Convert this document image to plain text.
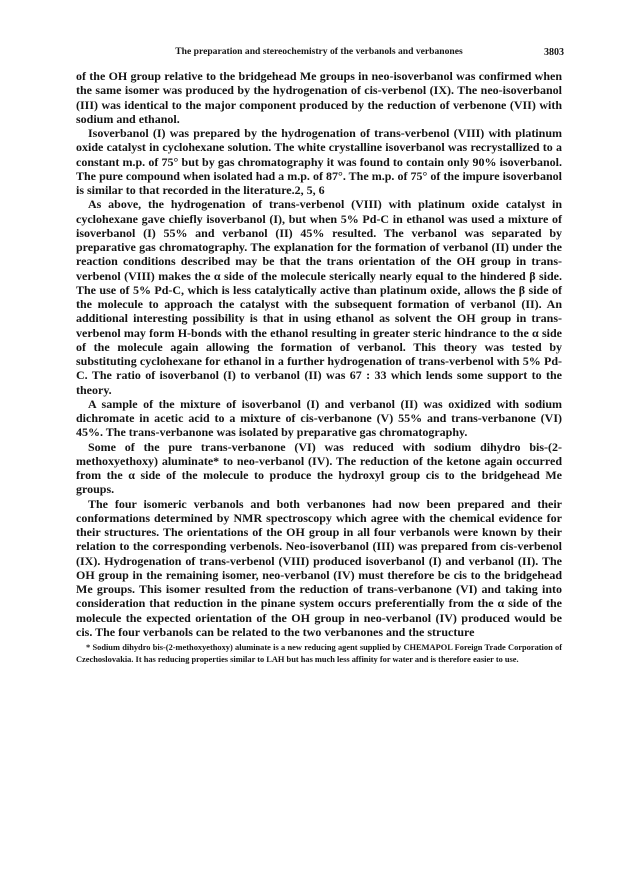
The preparation and stereochemistry of the verbanols and verbanones	3803

of the OH group relative to the bridgehead Me groups in neo-isoverbanol was confirmed when the same isomer was produced by the hydrogenation of cis-verbenol (IX). The neo-isoverbanol (III) was identical to the major component produced by the reduction of verbenone (VII) with sodium and ethanol.

Isoverbanol (I) was prepared by the hydrogenation of trans-verbenol (VIII) with platinum oxide catalyst in cyclohexane solution. The white crystalline isoverbanol was recrystallized to a constant m.p. of 75° but by gas chromatography it was found to contain only 90% isoverbanol. The pure compound when isolated had a m.p. of 87°. The m.p. of 75° of the impure isoverbanol is similar to that recorded in the literature.2, 5, 6

As above, the hydrogenation of trans-verbenol (VIII) with platinum oxide catalyst in cyclohexane gave chiefly isoverbanol (I), but when 5% Pd-C in ethanol was used a mixture of isoverbanol (I) 55% and verbanol (II) 45% resulted. The verbanol was separated by preparative gas chromatography. The explanation for the formation of verbanol (II) under the reaction conditions described may be that the trans orientation of the OH group in trans-verbenol (VIII) makes the α side of the molecule sterically nearly equal to the hindered β side. The use of 5% Pd-C, which is less catalytically active than platinum oxide, allows the β side of the molecule to approach the catalyst with the subsequent formation of verbanol (II). An additional interesting possibility is that in using ethanol as solvent the OH group in trans-verbenol may form H-bonds with the ethanol resulting in greater steric hindrance to the α side of the molecule again allowing the formation of verbanol. This theory was tested by substituting cyclohexane for ethanol in a further hydrogenation of trans-verbenol with 5% Pd-C. The ratio of isoverbanol (I) to verbanol (II) was 67 : 33 which lends some support to the theory.

A sample of the mixture of isoverbanol (I) and verbanol (II) was oxidized with sodium dichromate in acetic acid to a mixture of cis-verbanone (V) 55% and trans-verbanone (VI) 45%. The trans-verbanone was isolated by preparative gas chromatography.

Some of the pure trans-verbanone (VI) was reduced with sodium dihydro bis-(2-methoxyethoxy) aluminate* to neo-verbanol (IV). The reduction of the ketone again occurred from the α side of the molecule to produce the hydroxyl group cis to the bridgehead Me groups.

The four isomeric verbanols and both verbanones had now been prepared and their conformations determined by NMR spectroscopy which agree with the chemical evidence for their structures. The orientations of the OH group in all four verbanols were known by their relation to the corresponding verbenols. Neo-isoverbanol (III) was prepared from cis-verbenol (IX). Hydrogenation of trans-verbenol (VIII) produced isoverbanol (I) and verbanol (II). The OH group in the remaining isomer, neo-verbanol (IV) must therefore be cis to the bridgehead Me groups. This isomer resulted from the reduction of trans-verbanone (VI) and taking into consideration that reduction in the pinane system occurs preferentially from the α side of the molecule the expected orientation of the OH group in neo-verbanol (IV) produced would be cis. The four verbanols can be related to the two verbanones and the structure

* Sodium dihydro bis-(2-methoxyethoxy) aluminate is a new reducing agent supplied by CHEMAPOL Foreign Trade Corporation of Czechoslovakia. It has reducing properties similar to LAH but has much less affinity for water and is therefore easier to use.
